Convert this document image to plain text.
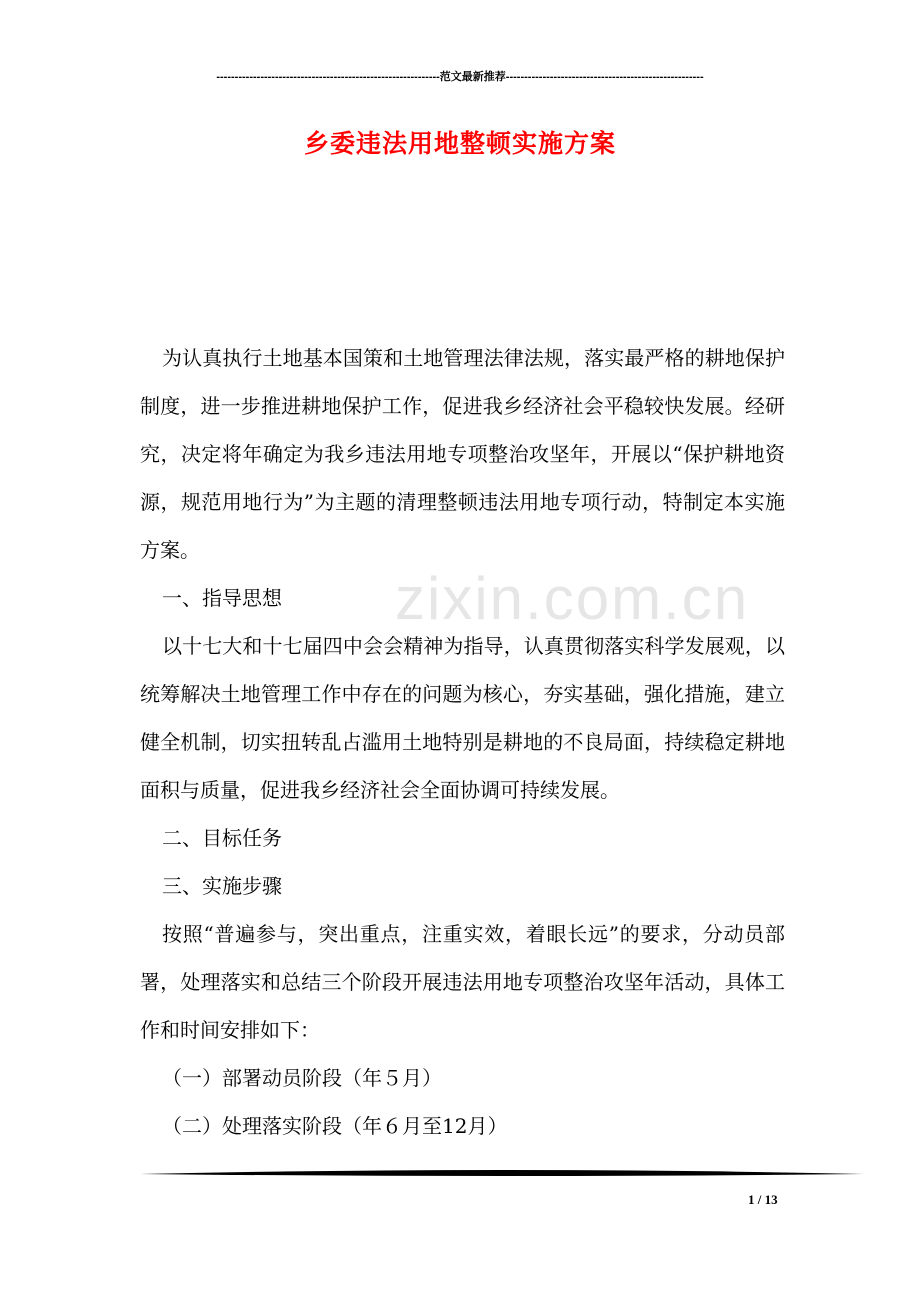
-------------------------------------------------------------范文最新推荐------------------------------------------------------
乡委违法用地整顿实施方案
zixin.com.cn

为认真执行土地基本国策和土地管理法律法规，落实最严格的耕地保护制度，进一步推进耕地保护工作，促进我乡经济社会平稳较快发展。经研究，决定将年确定为我乡违法用地专项整治攻坚年，开展以“保护耕地资源，规范用地行为”为主题的清理整顿违法用地专项行动，特制定本实施方案。

一、指导思想

以十七大和十七届四中会会精神为指导，认真贯彻落实科学发展观，以统筹解决土地管理工作中存在的问题为核心，夯实基础，强化措施，建立健全机制，切实扭转乱占滥用土地特别是耕地的不良局面，持续稳定耕地面积与质量，促进我乡经济社会全面协调可持续发展。

二、目标任务

三、实施步骤

按照“普遍参与，突出重点，注重实效，着眼长远”的要求，分动员部署，处理落实和总结三个阶段开展违法用地专项整治攻坚年活动，具体工作和时间安排如下：

（一）部署动员阶段（年５月）

（二）处理落实阶段（年６月至12月）

1 / 13
